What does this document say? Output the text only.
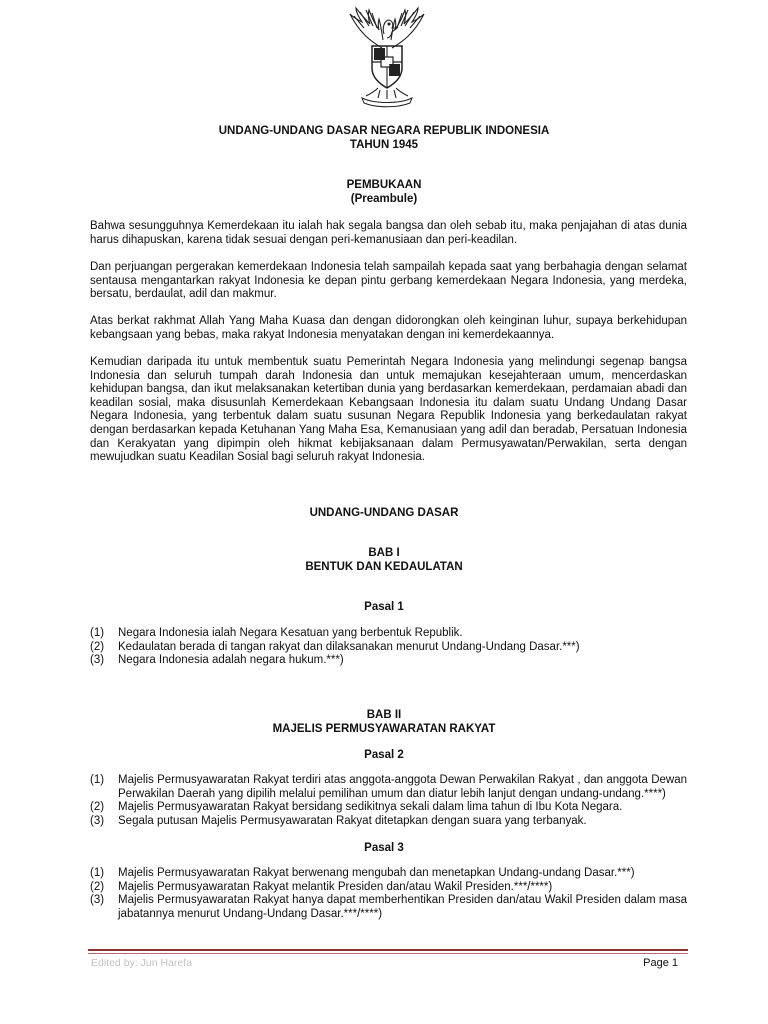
UNDANG-UNDANG DASAR NEGARA REPUBLIK INDONESIA
TAHUN 1945
PEMBUKAAN
(Preambule)

Bahwa sesungguhnya Kemerdekaan itu ialah hak segala bangsa dan oleh sebab itu, maka penjajahan di atas dunia harus dihapuskan, karena tidak sesuai dengan peri-kemanusiaan dan peri-keadilan.

Dan perjuangan pergerakan kemerdekaan Indonesia telah sampailah kepada saat yang berbahagia dengan selamat sentausa mengantarkan rakyat Indonesia ke depan pintu gerbang kemerdekaan Negara Indonesia, yang merdeka, bersatu, berdaulat, adil dan makmur.

Atas berkat rakhmat Allah Yang Maha Kuasa dan dengan didorongkan oleh keinginan luhur, supaya berkehidupan kebangsaan yang bebas, maka rakyat Indonesia menyatakan dengan ini kemerdekaannya.

Kemudian daripada itu untuk membentuk suatu Pemerintah Negara Indonesia yang melindungi segenap bangsa Indonesia dan seluruh tumpah darah Indonesia dan untuk memajukan kesejahteraan umum, mencerdaskan kehidupan bangsa, dan ikut melaksanakan ketertiban dunia yang berdasarkan kemerdekaan, perdamaian abadi dan keadilan sosial, maka disusunlah Kemerdekaan Kebangsaan Indonesia itu dalam suatu Undang Undang Dasar Negara Indonesia, yang terbentuk dalam suatu susunan Negara Republik Indonesia yang berkedaulatan rakyat dengan berdasarkan kepada Ketuhanan Yang Maha Esa, Kemanusiaan yang adil dan beradab, Persatuan Indonesia dan Kerakyatan yang dipimpin oleh hikmat kebijaksanaan dalam Permusyawatan/Perwakilan, serta dengan mewujudkan suatu Keadilan Sosial bagi seluruh rakyat Indonesia.

UNDANG-UNDANG DASAR
BAB I
BENTUK DAN KEDAULATAN
Pasal 1
(1) Negara Indonesia ialah Negara Kesatuan yang berbentuk Republik.
(2) Kedaulatan berada di tangan rakyat dan dilaksanakan menurut Undang-Undang Dasar.***)
(3) Negara Indonesia adalah negara hukum.***)
BAB II
MAJELIS PERMUSYAWARATAN RAKYAT
Pasal 2
(1) Majelis Permusyawaratan Rakyat terdiri atas anggota-anggota Dewan Perwakilan Rakyat , dan anggota Dewan Perwakilan Daerah yang dipilih melalui pemilihan umum dan diatur lebih lanjut dengan undang-undang.****)
(2) Majelis Permusyawaratan Rakyat bersidang sedikitnya sekali dalam lima tahun di Ibu Kota Negara.
(3) Segala putusan Majelis Permusyawaratan Rakyat ditetapkan dengan suara yang terbanyak.
Pasal 3
(1) Majelis Permusyawaratan Rakyat berwenang mengubah dan menetapkan Undang-undang Dasar.***)
(2) Majelis Permusyawaratan Rakyat melantik Presiden dan/atau Wakil Presiden.***/****)
(3) Majelis Permusyawaratan Rakyat hanya dapat memberhentikan Presiden dan/atau Wakil Presiden dalam masa jabatannya menurut Undang-Undang Dasar.***/****)
Edited by: Jun Harefa	Page 1
